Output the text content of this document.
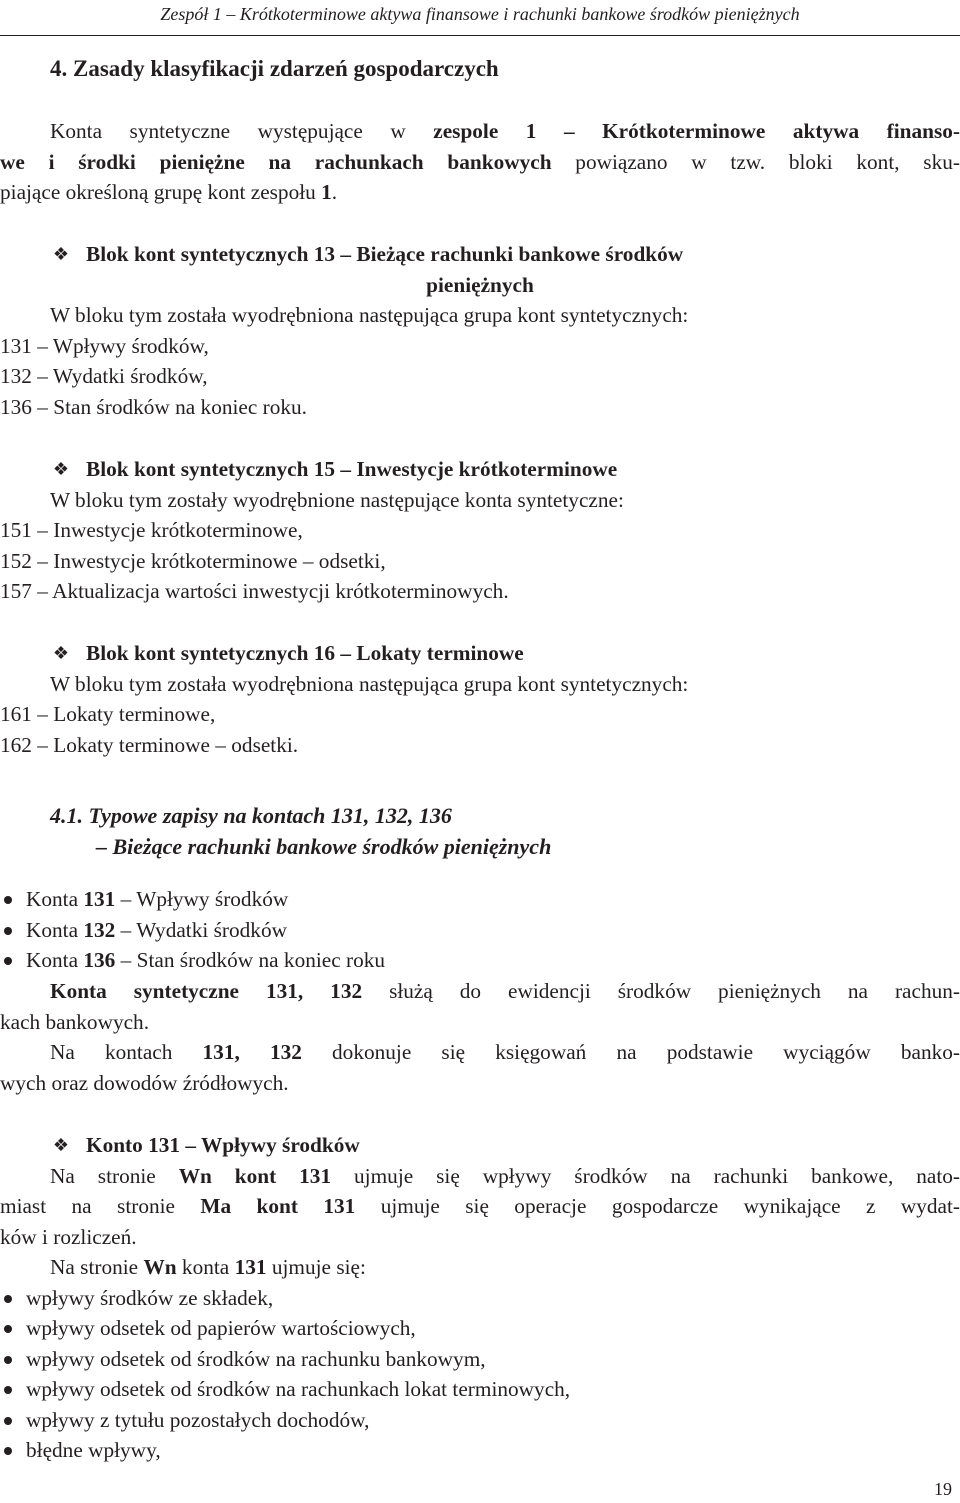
Zespół 1 – Krótkoterminowe aktywa finansowe i rachunki bankowe środków pieniężnych
4. Zasady klasyfikacji zdarzeń gospodarczych
Konta syntetyczne występujące w zespole 1 – Krótkoterminowe aktywa finanso-
we i środki pieniężne na rachunkach bankowych powiązano w tzw. bloki kont, sku-
piające określoną grupę kont zespołu 1.
❖ Blok kont syntetycznych 13 – Bieżące rachunki bankowe środków
pieniężnych
W bloku tym została wyodrębniona następująca grupa kont syntetycznych:
131 – Wpływy środków,
132 – Wydatki środków,
136 – Stan środków na koniec roku.
❖ Blok kont syntetycznych 15 – Inwestycje krótkoterminowe
W bloku tym zostały wyodrębnione następujące konta syntetyczne:
151 – Inwestycje krótkoterminowe,
152 – Inwestycje krótkoterminowe – odsetki,
157 – Aktualizacja wartości inwestycji krótkoterminowych.
❖ Blok kont syntetycznych 16 – Lokaty terminowe
W bloku tym została wyodrębniona następująca grupa kont syntetycznych:
161 – Lokaty terminowe,
162 – Lokaty terminowe – odsetki.
4.1. Typowe zapisy na kontach 131, 132, 136
– Bieżące rachunki bankowe środków pieniężnych
Konta 131 – Wpływy środków
Konta 132 – Wydatki środków
Konta 136 – Stan środków na koniec roku
Konta syntetyczne 131, 132 służą do ewidencji środków pieniężnych na rachun-
kach bankowych.
Na kontach 131, 132 dokonuje się księgowań na podstawie wyciągów banko-
wych oraz dowodów źródłowych.
❖ Konto 131 – Wpływy środków
Na stronie Wn kont 131 ujmuje się wpływy środków na rachunki bankowe, nato-
miast na stronie Ma kont 131 ujmuje się operacje gospodarcze wynikające z wydat-
ków i rozliczeń.
Na stronie Wn konta 131 ujmuje się:
wpływy środków ze składek,
wpływy odsetek od papierów wartościowych,
wpływy odsetek od środków na rachunku bankowym,
wpływy odsetek od środków na rachunkach lokat terminowych,
wpływy z tytułu pozostałych dochodów,
błędne wpływy,
19
